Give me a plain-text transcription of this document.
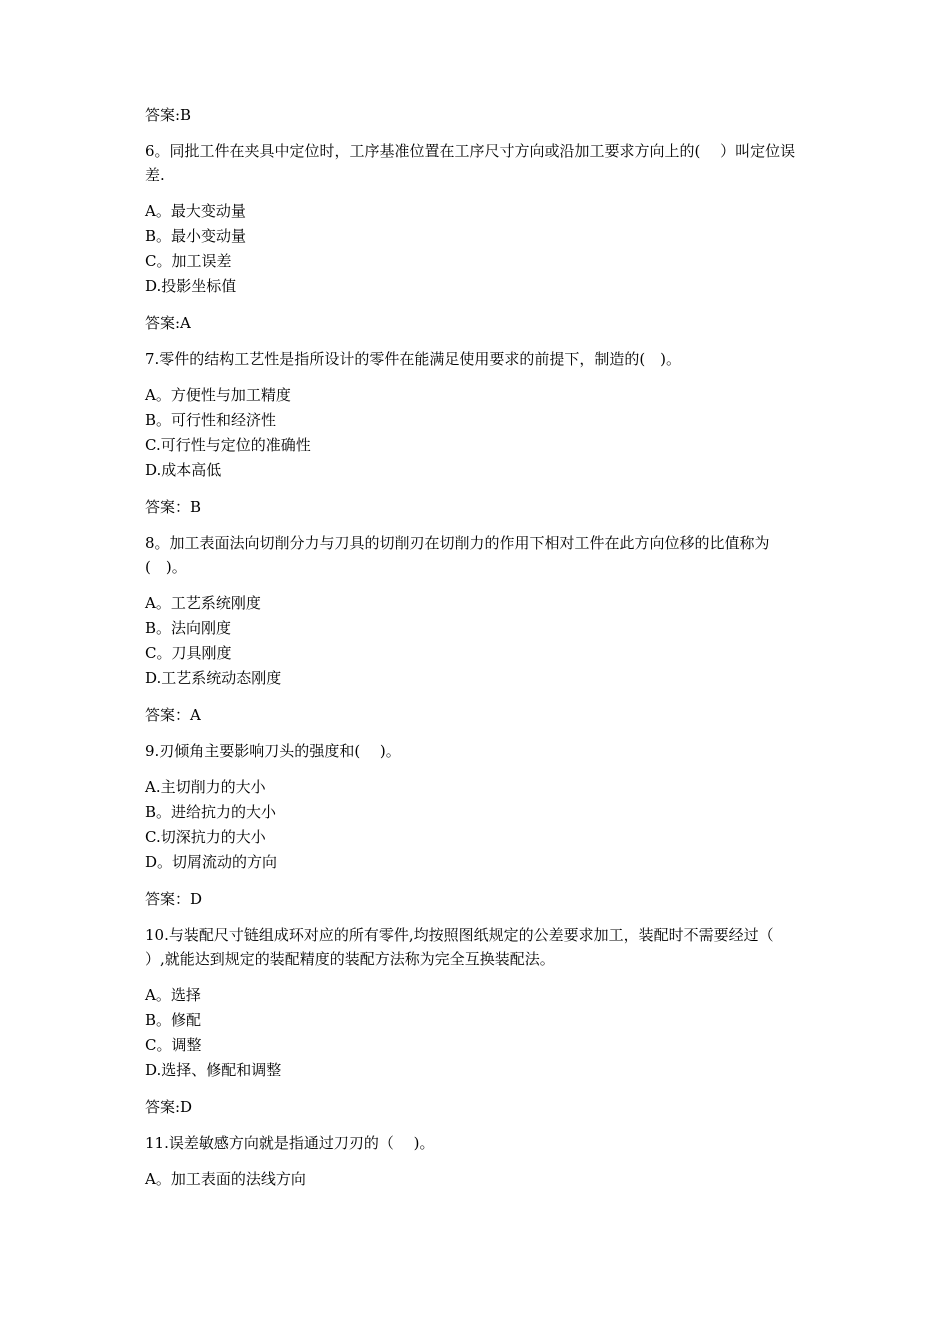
答案:B
6。同批工件在夹具中定位时，工序基准位置在工序尺寸方向或沿加工要求方向上的(　 ）叫定位误差.
A。最大变动量
B。最小变动量
C。加工误差
D.投影坐标值
答案:A
7.零件的结构工艺性是指所设计的零件在能满足使用要求的前提下，制造的(　)。
A。方便性与加工精度
B。可行性和经济性
C.可行性与定位的准确性
D.成本高低
答案：B
8。加工表面法向切削分力与刀具的切削刃在切削力的作用下相对工件在此方向位移的比值称为(　)。
A。工艺系统刚度
B。法向刚度
C。刀具刚度
D.工艺系统动态刚度
答案：A
9.刃倾角主要影响刀头的强度和(　 )。
A.主切削力的大小
B。进给抗力的大小
C.切深抗力的大小
D。切屑流动的方向
答案：D
10.与装配尺寸链组成环对应的所有零件,均按照图纸规定的公差要求加工，装配时不需要经过（　 ）,就能达到规定的装配精度的装配方法称为完全互换装配法。
A。选择
B。修配
C。调整
D.选择、修配和调整
答案:D
11.误差敏感方向就是指通过刀刃的（　 )。
A。加工表面的法线方向
